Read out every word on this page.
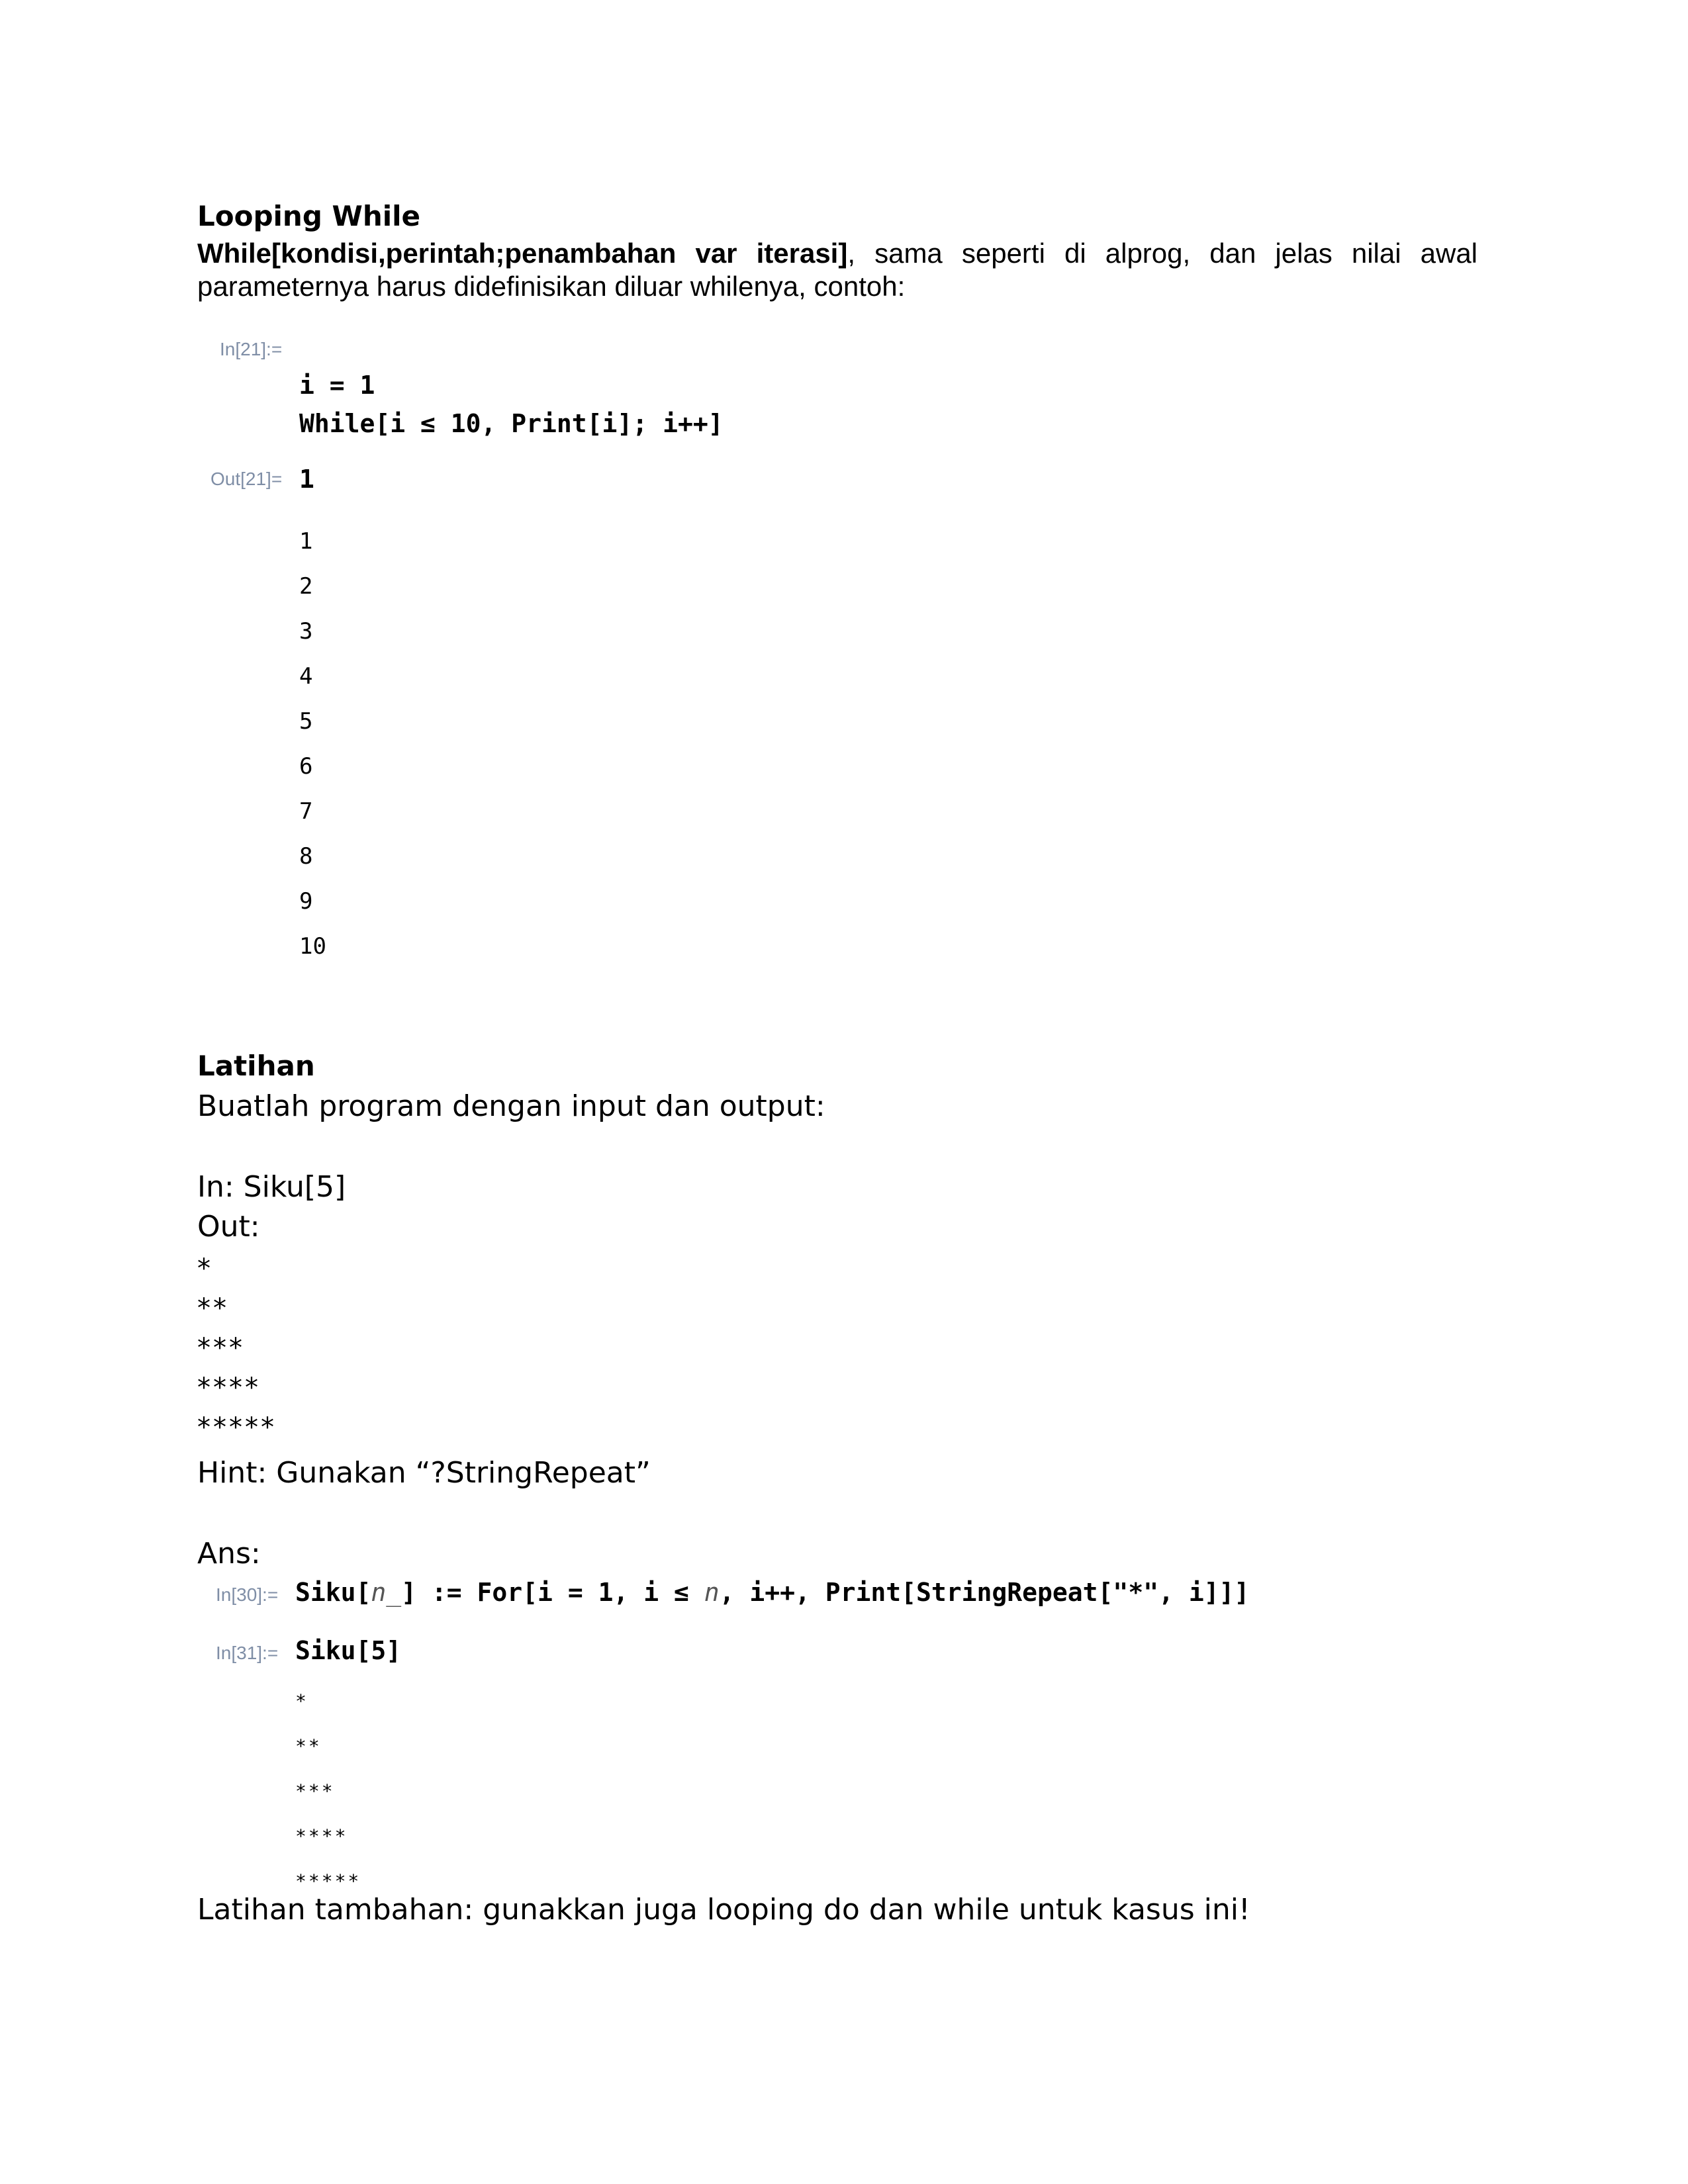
Looping While
While[kondisi,perintah;penambahan var iterasi], sama seperti di alprog, dan jelas nilai awal parameternya harus didefinisikan diluar whilenya, contoh:
In[21]:=
i = 1
While[i ≤ 10, Print[i]; i++]
Out[21]= 1
1
2
3
4
5
6
7
8
9
10
Latihan
Buatlah program dengan input dan output:
In: Siku[5]
Out:
*
**
***
****
*****
Hint: Gunakan “?StringRepeat”
Ans:
In[30]:= Siku[n_] := For[i = 1, i ≤ n, i++, Print[StringRepeat["*", i]]]
In[31]:= Siku[5]
*
**
***
****
*****
Latihan tambahan: gunakkan juga looping do dan while untuk kasus ini!
